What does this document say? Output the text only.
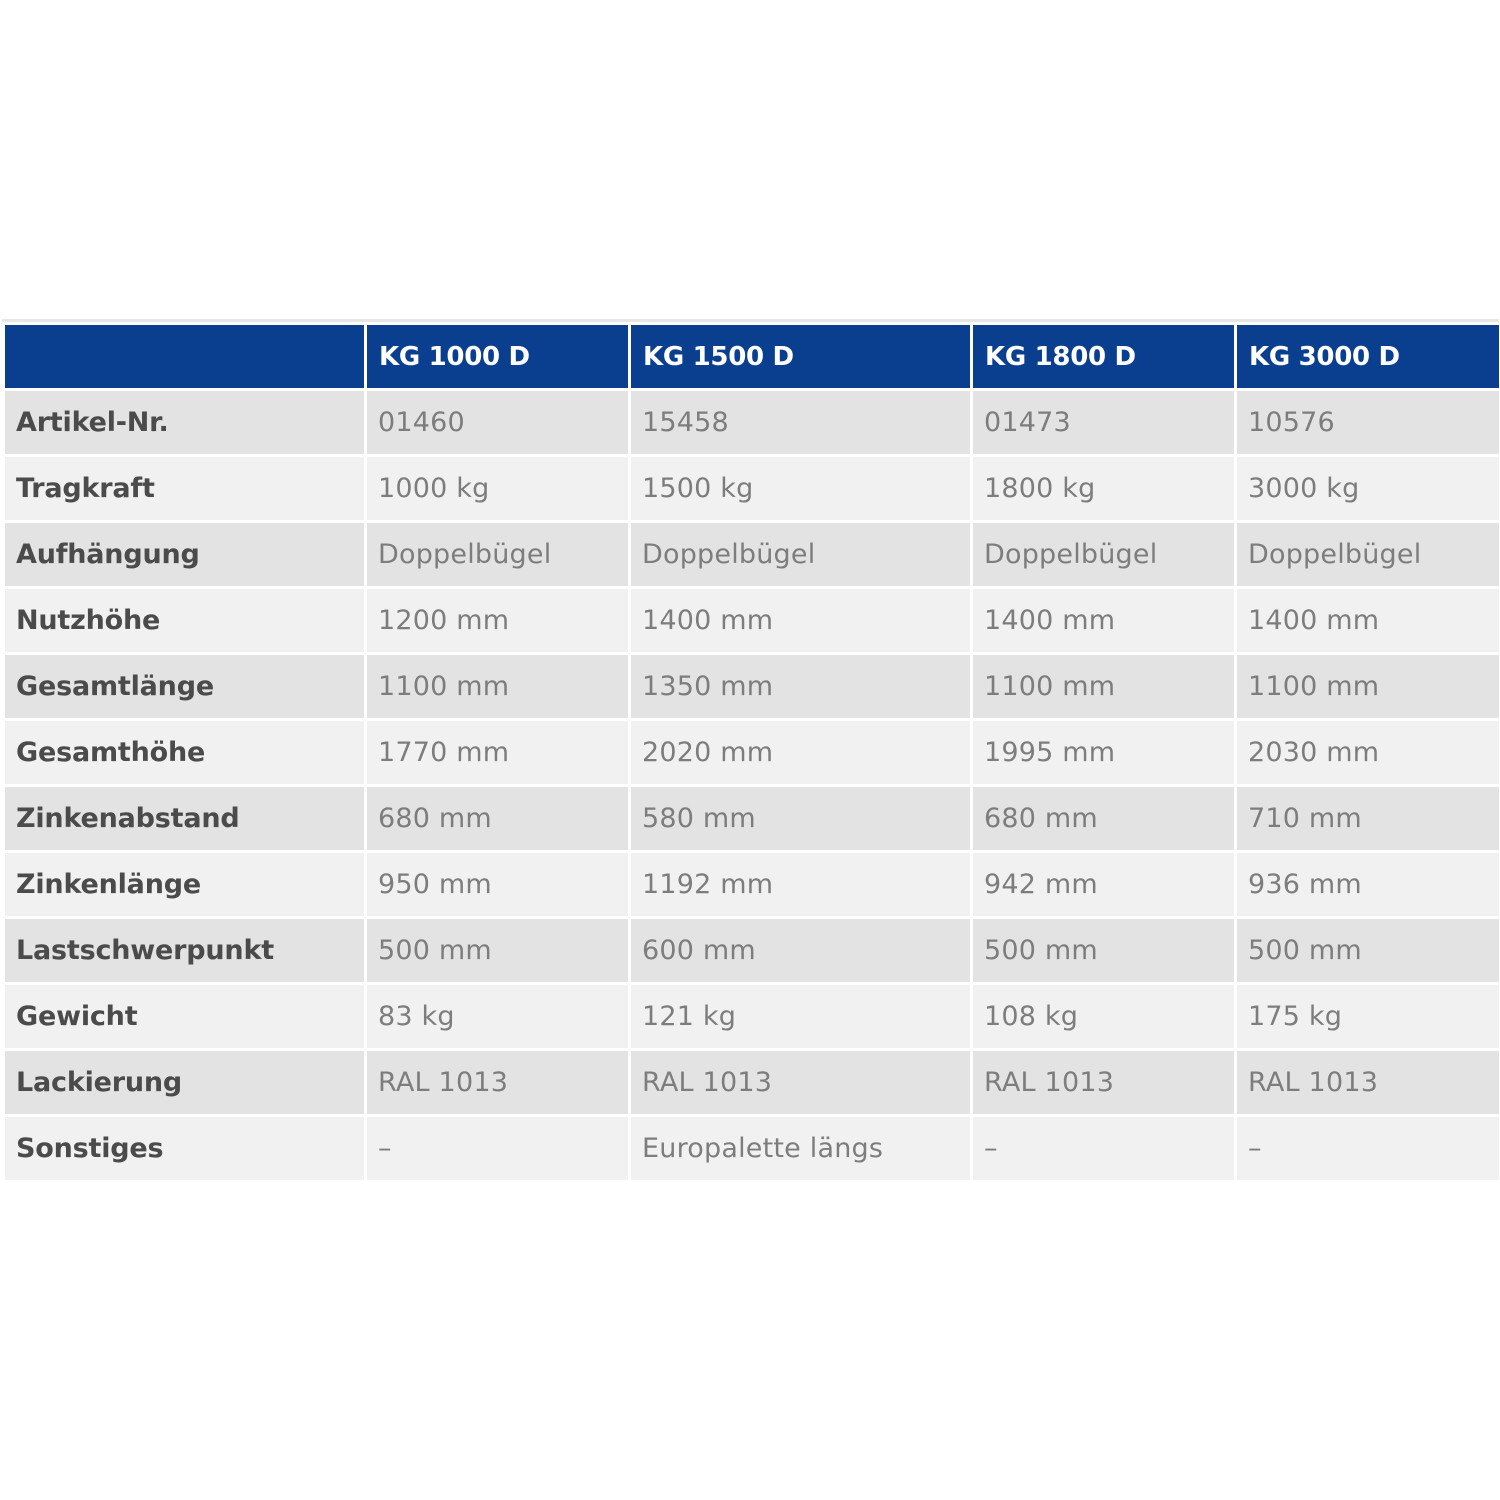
	KG 1000 D	KG 1500 D	KG 1800 D	KG 3000 D
Artikel-Nr.	01460	15458	01473	10576
Tragkraft	1000 kg	1500 kg	1800 kg	3000 kg
Aufhängung	Doppelbügel	Doppelbügel	Doppelbügel	Doppelbügel
Nutzhöhe	1200 mm	1400 mm	1400 mm	1400 mm
Gesamtlänge	1100 mm	1350 mm	1100 mm	1100 mm
Gesamthöhe	1770 mm	2020 mm	1995 mm	2030 mm
Zinkenabstand	680 mm	580 mm	680 mm	710 mm
Zinkenlänge	950 mm	1192 mm	942 mm	936 mm
Lastschwerpunkt	500 mm	600 mm	500 mm	500 mm
Gewicht	83 kg	121 kg	108 kg	175 kg
Lackierung	RAL 1013	RAL 1013	RAL 1013	RAL 1013
Sonstiges	–	Europalette längs	–	–
